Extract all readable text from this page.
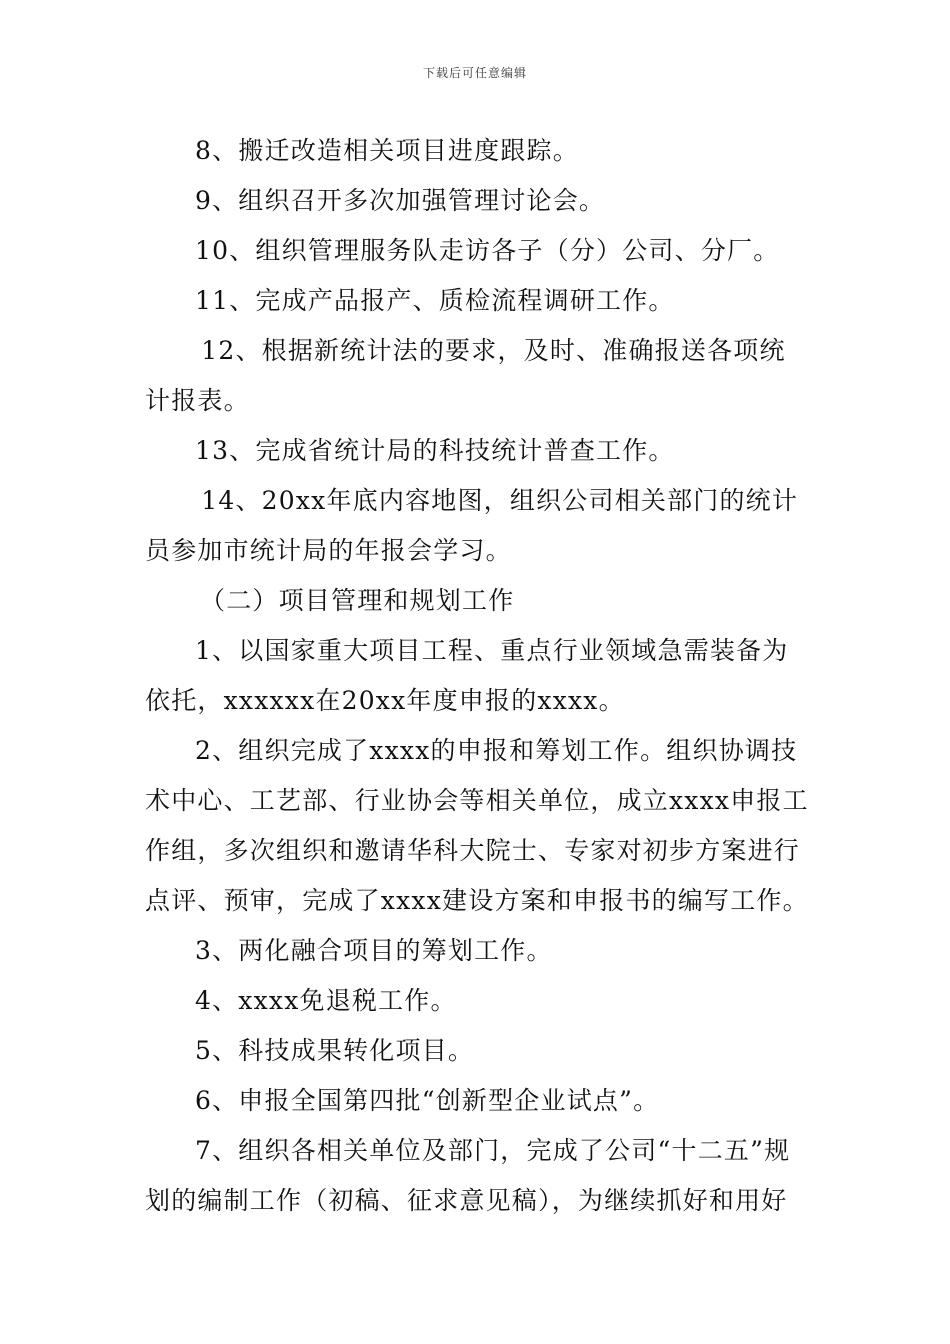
下载后可任意编辑

8、搬迁改造相关项目进度跟踪。

9、组织召开多次加强管理讨论会。

10、组织管理服务队走访各子（分）公司、分厂。

11、完成产品报产、质检流程调研工作。

12、根据新统计法的要求，及时、准确报送各项统计报表。

13、完成省统计局的科技统计普查工作。

14、20xx年底内容地图，组织公司相关部门的统计员参加市统计局的年报会学习。

（二）项目管理和规划工作

1、以国家重大项目工程、重点行业领域急需装备为依托，xxxxxx在20xx年度申报的xxxx。

2、组织完成了xxxx的申报和筹划工作。组织协调技术中心、工艺部、行业协会等相关单位，成立xxxx申报工作组，多次组织和邀请华科大院士、专家对初步方案进行点评、预审，完成了xxxx建设方案和申报书的编写工作。

3、两化融合项目的筹划工作。

4、xxxx免退税工作。

5、科技成果转化项目。

6、申报全国第四批“创新型企业试点”。

7、组织各相关单位及部门，完成了公司“十二五”规划的编制工作（初稿、征求意见稿），为继续抓好和用好
